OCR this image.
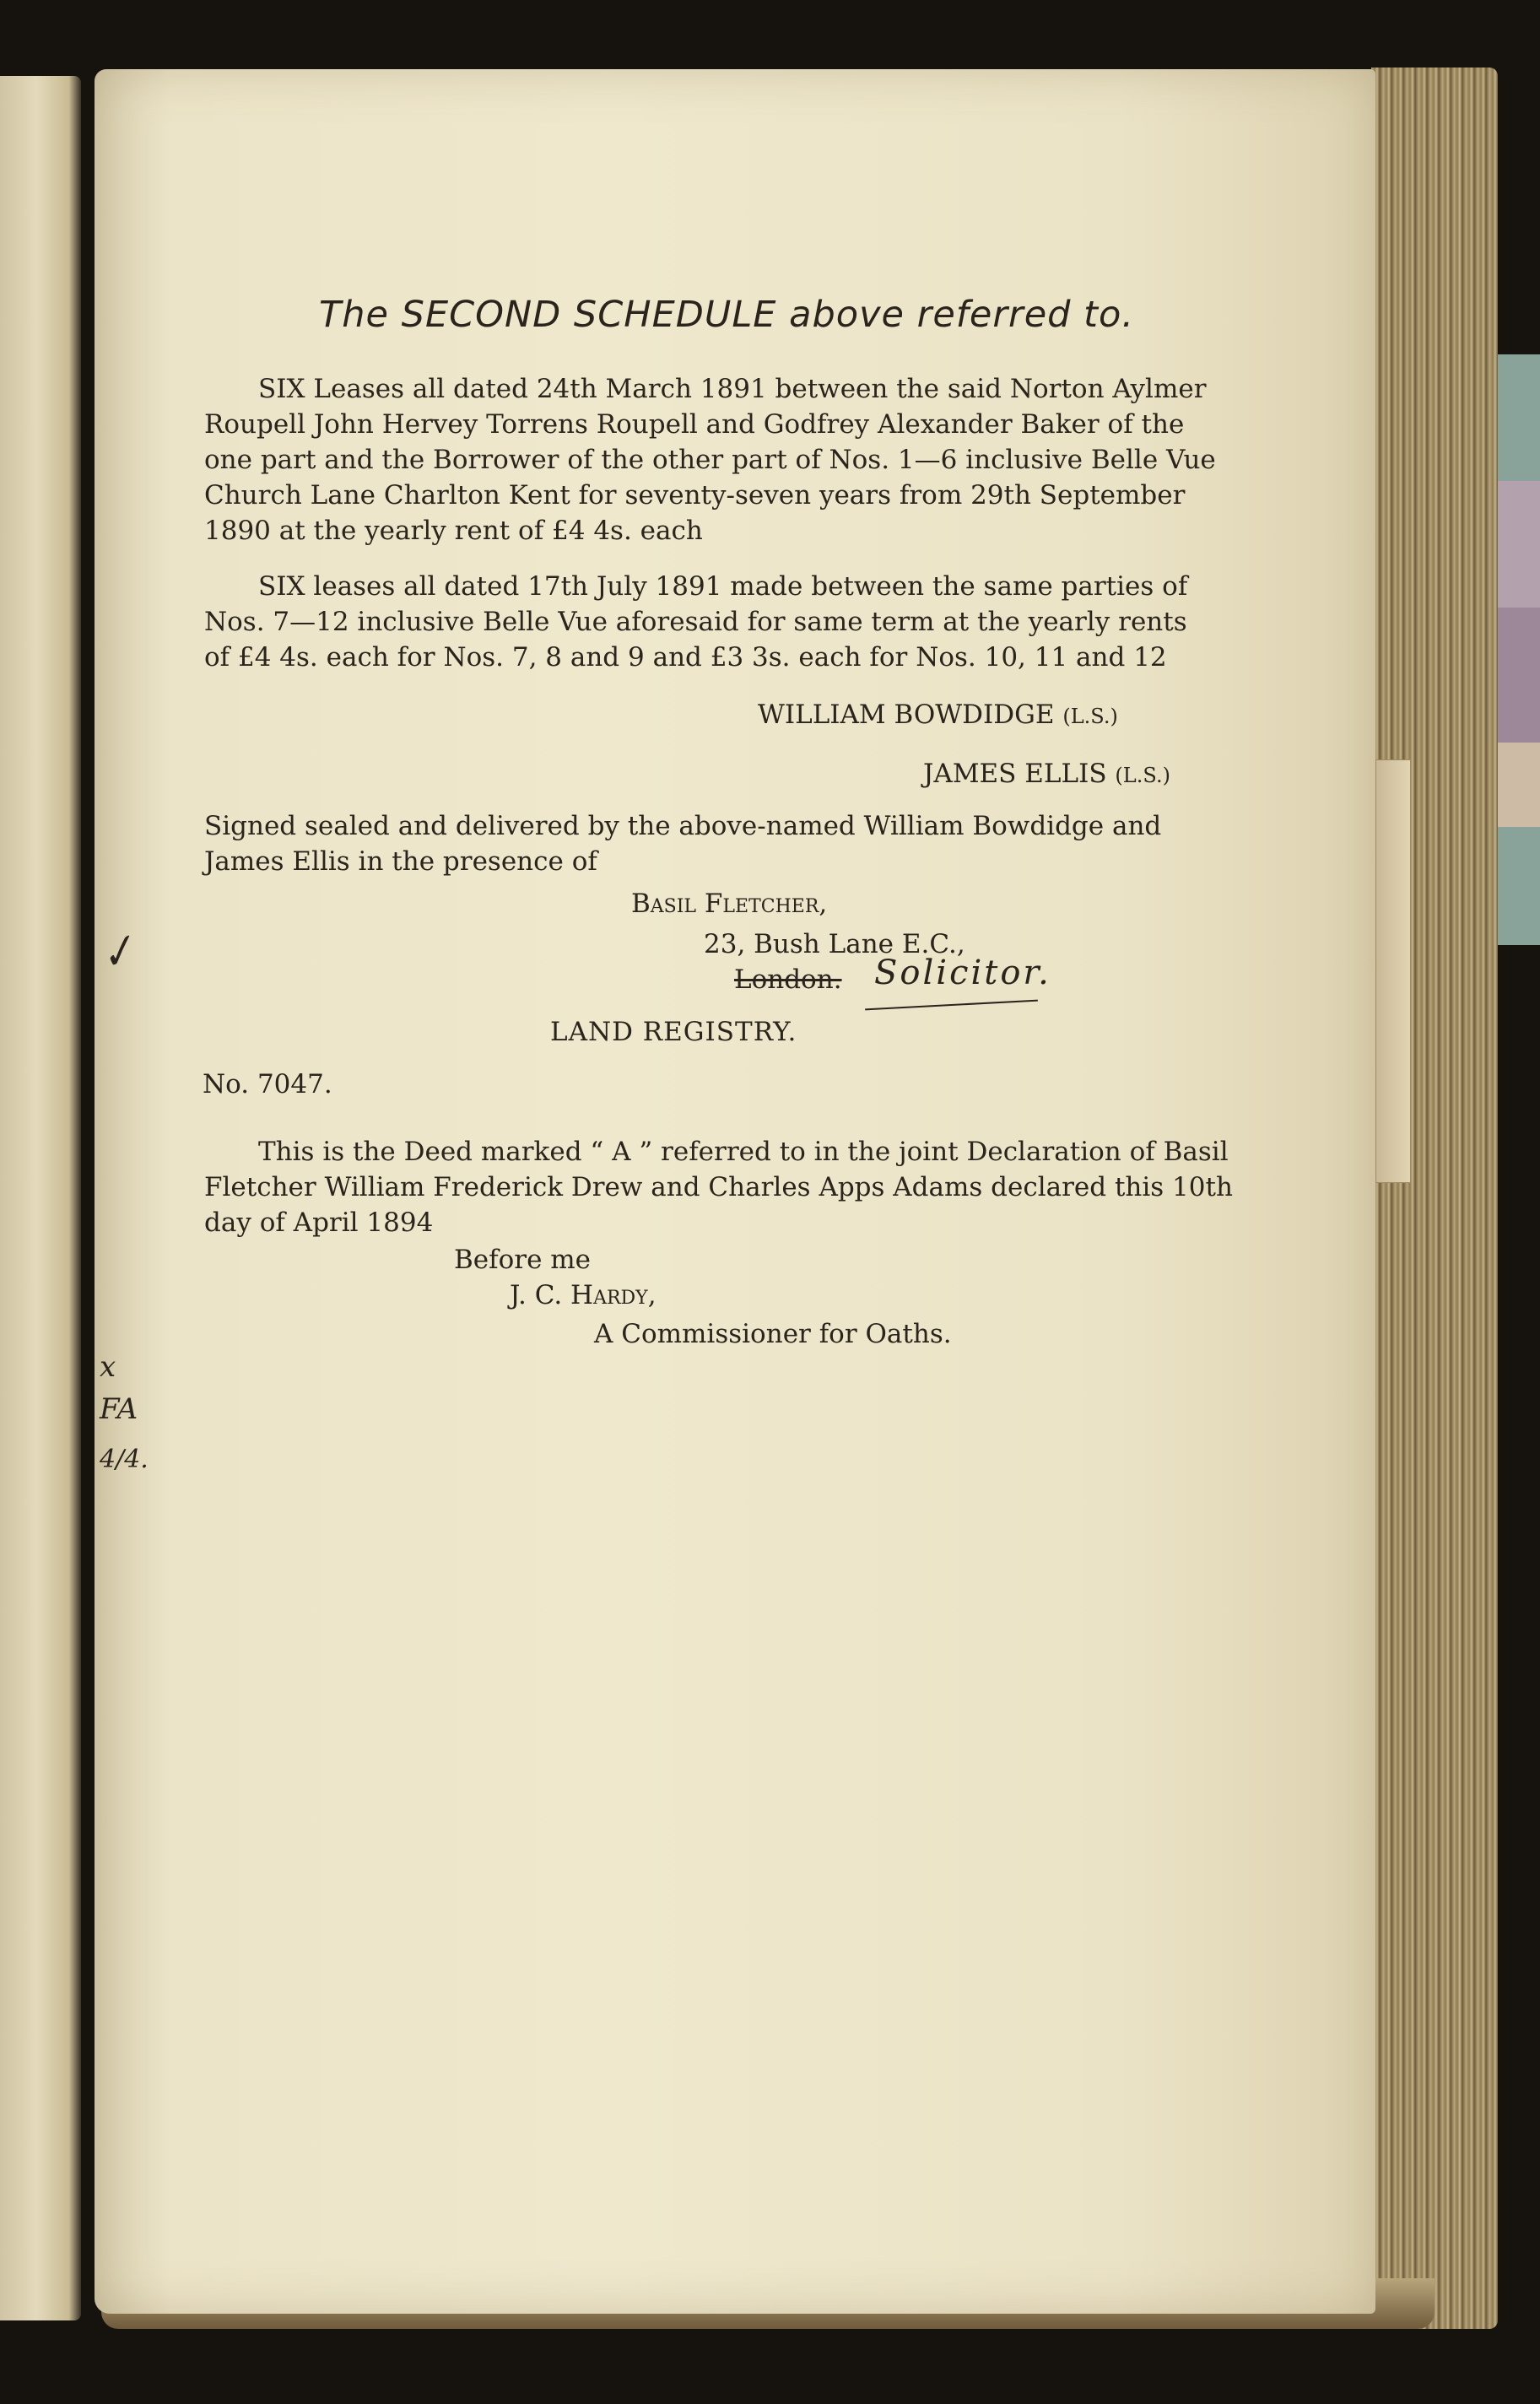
The SECOND SCHEDULE above referred to.
SIX Leases all dated 24th March 1891 between the said Norton Aylmer
Roupell John Hervey Torrens Roupell and Godfrey Alexander Baker of the
one part and the Borrower of the other part of Nos. 1—6 inclusive Belle Vue
Church Lane Charlton Kent for seventy-seven years from 29th September
1890 at the yearly rent of £4 4s. each
SIX leases all dated 17th July 1891 made between the same parties of
Nos. 7—12 inclusive Belle Vue aforesaid for same term at the yearly rents
of £4 4s. each for Nos. 7, 8 and 9 and £3 3s. each for Nos. 10, 11 and 12
WILLIAM BOWDIDGE (L.S.)
JAMES ELLIS (L.S.)
Signed sealed and delivered by the above-named William Bowdidge and
James Ellis in the presence of
Basil Fletcher,
23, Bush Lane E.C.,
London. Solicitor.
LAND REGISTRY.
No. 7047.
This is the Deed marked “ A ” referred to in the joint Declaration of Basil
Fletcher William Frederick Drew and Charles Apps Adams declared this 10th
day of April 1894
Before me
J. C. Hardy,
A Commissioner for Oaths.
✓
x
FA
4/4.
